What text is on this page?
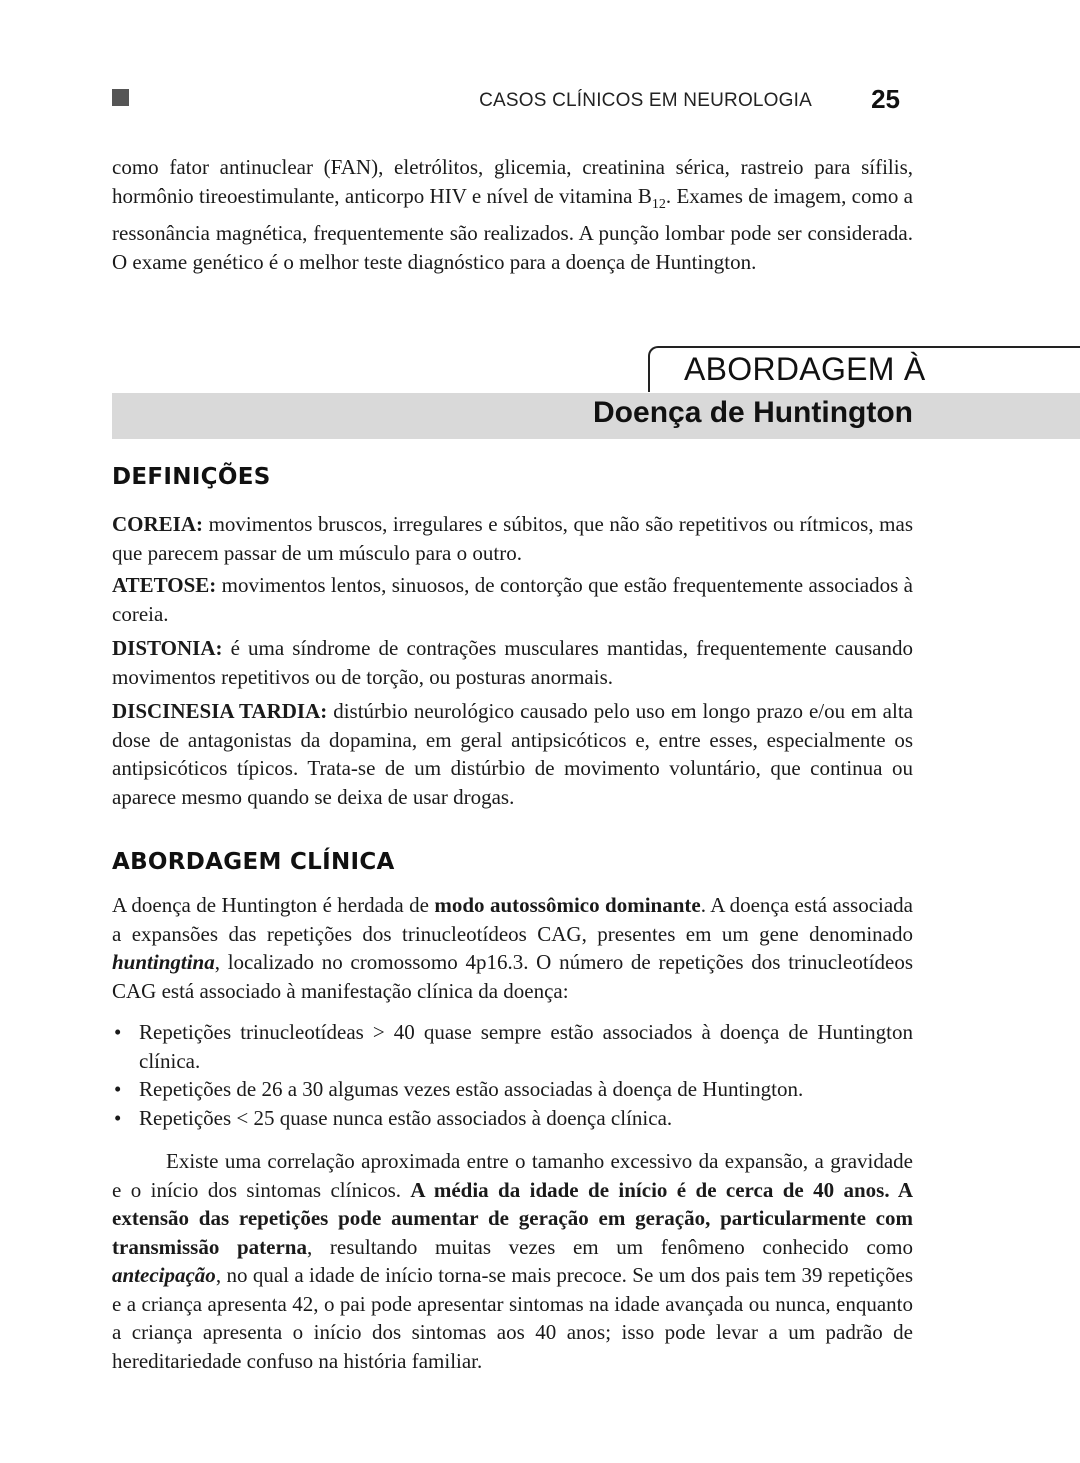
CASOS CLÍNICOS EM NEUROLOGIA 25

como fator antinuclear (FAN), eletrólitos, glicemia, creatinina sérica, rastreio para sífilis, hormônio tireoestimulante, anticorpo HIV e nível de vitamina $B_{12}$. Exames de imagem, como a ressonância magnética, frequentemente são realizados. A punção lombar pode ser considerada. O exame genético é o melhor teste diagnóstico para a doença de Huntington.

ABORDAGEM À
Doença de Huntington
DEFINIÇÕES

COREIA: movimentos bruscos, irregulares e súbitos, que não são repetitivos ou rítmicos, mas que parecem passar de um músculo para o outro.

ATETOSE: movimentos lentos, sinuosos, de contorção que estão frequentemente associados à coreia.

DISTONIA: é uma síndrome de contrações musculares mantidas, frequentemente causando movimentos repetitivos ou de torção, ou posturas anormais.

DISCINESIA TARDIA: distúrbio neurológico causado pelo uso em longo prazo e/ou em alta dose de antagonistas da dopamina, em geral antipsicóticos e, entre esses, especialmente os antipsicóticos típicos. Trata-se de um distúrbio de movimento voluntário, que continua ou aparece mesmo quando se deixa de usar drogas.

ABORDAGEM CLÍNICA

A doença de Huntington é herdada de modo autossômico dominante. A doença está associada a expansões das repetições dos trinucleotídeos CAG, presentes em um gene denominado huntingtina, localizado no cromossomo 4p16.3. O número de repetições dos trinucleotídeos CAG está associado à manifestação clínica da doença:

• Repetições trinucleotídeas > 40 quase sempre estão associados à doença de Huntington clínica.
• Repetições de 26 a 30 algumas vezes estão associadas à doença de Huntington.
• Repetições < 25 quase nunca estão associados à doença clínica.

Existe uma correlação aproximada entre o tamanho excessivo da expansão, a gravidade e o início dos sintomas clínicos. A média da idade de início é de cerca de 40 anos. A extensão das repetições pode aumentar de geração em geração, particularmente com transmissão paterna, resultando muitas vezes em um fenômeno conhecido como antecipação, no qual a idade de início torna-se mais precoce. Se um dos pais tem 39 repetições e a criança apresenta 42, o pai pode apresentar sintomas na idade avançada ou nunca, enquanto a criança apresenta o início dos sintomas aos 40 anos; isso pode levar a um padrão de hereditariedade confuso na história familiar.
